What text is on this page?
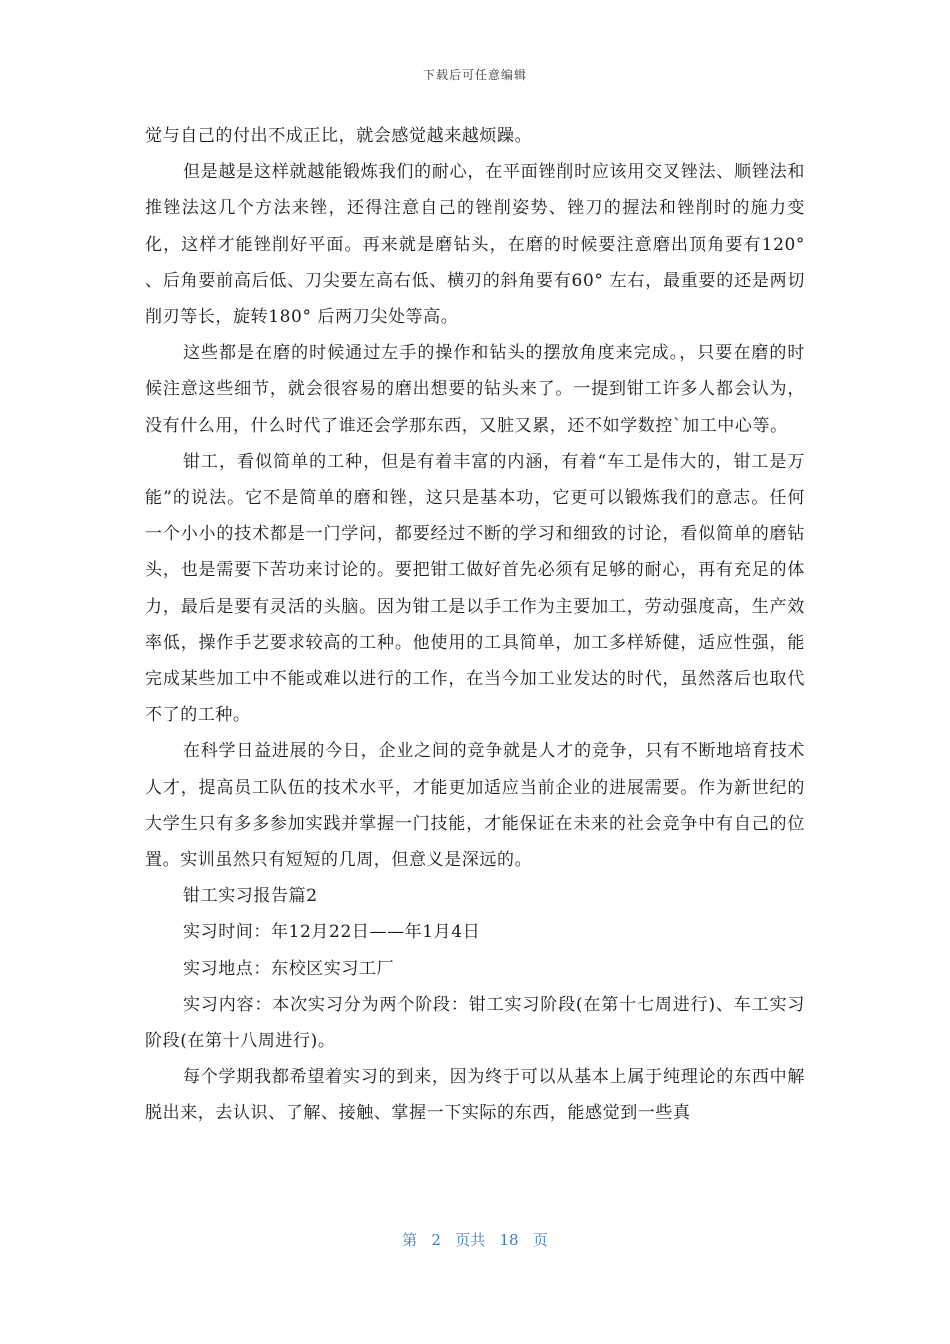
下载后可任意编辑

觉与自己的付出不成正比，就会感觉越来越烦躁。

但是越是这样就越能锻炼我们的耐心，在平面锉削时应该用交叉锉法、顺锉法和推锉法这几个方法来锉，还得注意自己的锉削姿势、锉刀的握法和锉削时的施力变化，这样才能锉削好平面。再来就是磨钻头，在磨的时候要注意磨出顶角要有120° 、后角要前高后低、刀尖要左高右低、横刃的斜角要有60° 左右，最重要的还是两切削刃等长，旋转180° 后两刀尖处等高。

这些都是在磨的时候通过左手的操作和钻头的摆放角度来完成。，只要在磨的时候注意这些细节，就会很容易的磨出想要的钻头来了。一提到钳工许多人都会认为，没有什么用，什么时代了谁还会学那东西，又脏又累，还不如学数控`加工中心等。

钳工，看似简单的工种，但是有着丰富的内涵，有着“车工是伟大的，钳工是万能”的说法。它不是简单的磨和锉，这只是基本功，它更可以锻炼我们的意志。任何一个小小的技术都是一门学问，都要经过不断的学习和细致的讨论，看似简单的磨钻头，也是需要下苦功来讨论的。要把钳工做好首先必须有足够的耐心，再有充足的体力，最后是要有灵活的头脑。因为钳工是以手工作为主要加工，劳动强度高，生产效率低，操作手艺要求较高的工种。他使用的工具简单，加工多样矫健，适应性强，能完成某些加工中不能或难以进行的工作，在当今加工业发达的时代，虽然落后也取代不了的工种。

在科学日益进展的今日，企业之间的竞争就是人才的竞争，只有不断地培育技术人才，提高员工队伍的技术水平，才能更加适应当前企业的进展需要。作为新世纪的大学生只有多多参加实践并掌握一门技能，才能保证在未来的社会竞争中有自己的位置。实训虽然只有短短的几周，但意义是深远的。

钳工实习报告篇2

实习时间：年12月22日——年1月4日

实习地点：东校区实习工厂

实习内容：本次实习分为两个阶段：钳工实习阶段(在第十七周进行)、车工实习阶段(在第十八周进行)。

每个学期我都希望着实习的到来，因为终于可以从基本上属于纯理论的东西中解脱出来，去认识、了解、接触、掌握一下实际的东西，能感觉到一些真

第   2   页共   18   页
